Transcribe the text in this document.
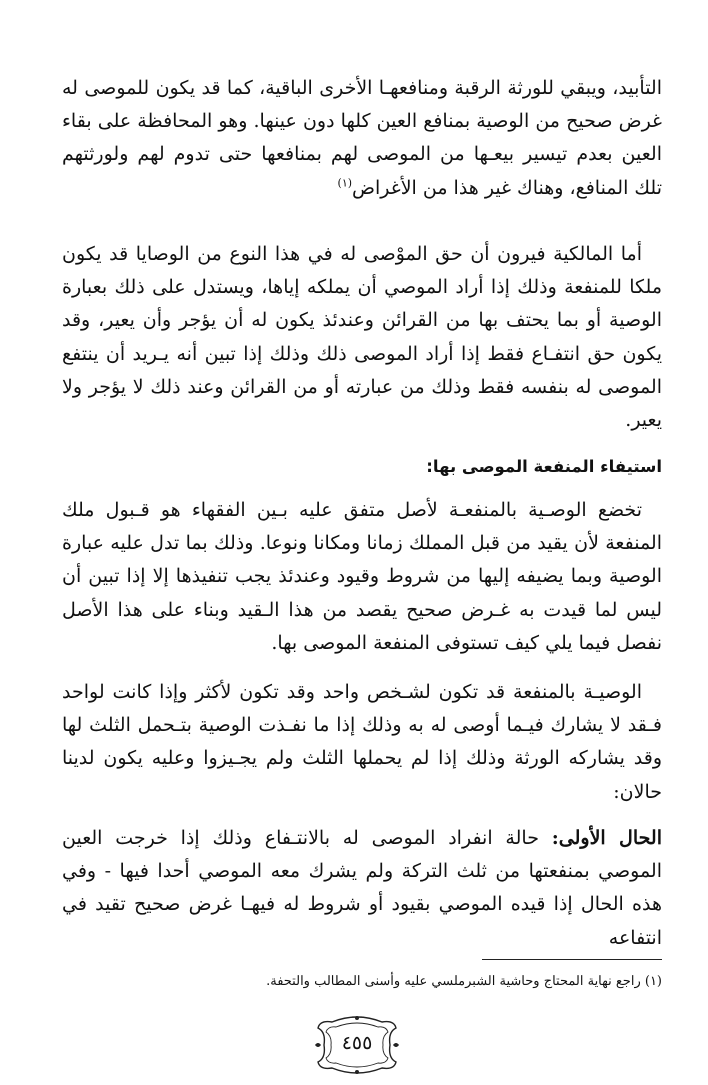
التأبيد، ويبقي للورثة الرقبة ومنافعهـا الأخرى الباقية، كما قد يكون للموصى له غرض صحيح من الوصية بمنافع العين كلها دون عينها. وهو المحافظة على بقاء العين بعدم تيسير بيعـها من الموصى لهم بمنافعها حتى تدوم لهم ولورثتهم تلك المنافع، وهناك غير هذا من الأغراض$^{(١)}$

أما المالكية فيرون أن حق الموْصى له في هذا النوع من الوصايا قد يكون ملكا للمنفعة وذلك إذا أراد الموصي أن يملكه إياها، ويستدل على ذلك بعبارة الوصية أو بما يحتف بها من القرائن وعندئذ يكون له أن يؤجر وأن يعير، وقد يكون حق انتفـاع فقط إذا أراد الموصى ذلك وذلك إذا تبين أنه يـريد أن ينتفع الموصى له بنفسه فقط وذلك من عبارته أو من القرائن وعند ذلك لا يؤجر ولا يعير.

استيفاء المنفعة الموصى بها:

تخضع الوصـية بالمنفعـة لأصل متفق عليه بـين الفقهاء هو قـبول ملك المنفعة لأن يقيد من قبل المملك زمانا ومكانا ونوعا. وذلك بما تدل عليه عبارة الوصية وبما يضيفه إليها من شروط وقيود وعندئذ يجب تنفيذها إلا إذا تبين أن ليس لما قيدت به غـرض صحيح يقصد من هذا الـقيد وبناء على هذا الأصل نفصل فيما يلي كيف تستوفى المنفعة الموصى بها.

الوصيـة بالمنفعة قد تكون لشـخص واحد وقد تكون لأكثر وإذا كانت لواحد فـقد لا يشارك فيـما أوصى له به وذلك إذا ما نفـذت الوصية بتـحمل الثلث لها وقد يشاركه الورثة وذلك إذا لم يحملها الثلث ولم يجـيزوا وعليه يكون لدينا حالان:

الحال الأولى: حالة انفراد الموصى له بالانتـفاع وذلك إذا خرجت العين الموصي بمنفعتها من ثلث التركة ولم يشرك معه الموصي أحدا فيها - وفي هذه الحال إذا قيده الموصي بقيود أو شروط له فيهـا غرض صحيح تقيد في انتفاعه

(١) راجع نهاية المحتاج وحاشية الشبرملسي عليه وأسنى المطالب والتحفة.

٤٥٥
